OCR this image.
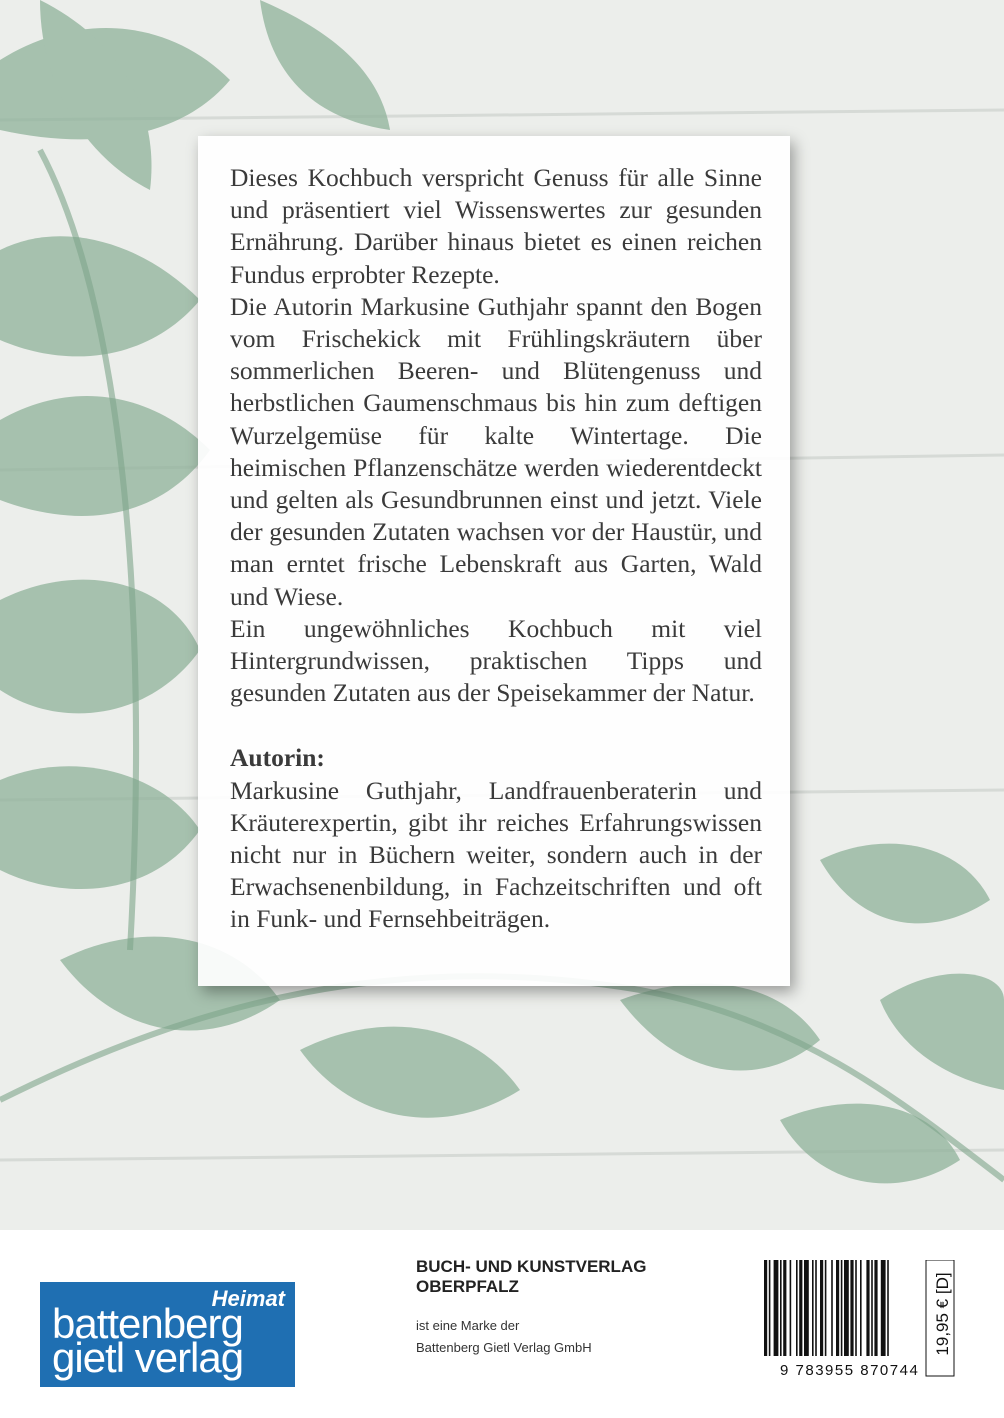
Dieses Kochbuch verspricht Genuss für alle Sinne und präsentiert viel Wissenswertes zur gesunden Ernährung. Darüber hinaus bietet es einen reichen Fundus erprobter Rezepte.

Die Autorin Markusine Guthjahr spannt den Bogen vom Frischekick mit Frühlingskräutern über sommerlichen Beeren- und Blütengenuss und herbstlichen Gaumenschmaus bis hin zum deftigen Wurzelgemüse für kalte Wintertage. Die heimischen Pflanzenschätze werden wiederentdeckt und gelten als Gesundbrunnen einst und jetzt. Viele der gesunden Zutaten wachsen vor der Haustür, und man erntet frische Lebenskraft aus Garten, Wald und Wiese.

Ein ungewöhnliches Kochbuch mit viel Hintergrundwissen, praktischen Tipps und gesunden Zutaten aus der Speisekammer der Natur.

Autorin:

Markusine Guthjahr, Landfrauenberaterin und Kräuterexpertin, gibt ihr reiches Erfahrungswissen nicht nur in Büchern weiter, sondern auch in der Erwachsenenbildung, in Fachzeitschriften und oft in Funk- und Fernsehbeiträgen.

Heimat
battenberg
gietl verlag
BUCH- UND KUNSTVERLAG
OBERPFALZ
ist eine Marke der
Battenberg Gietl Verlag GmbH
9 783955 870744
19,95 € [D]
